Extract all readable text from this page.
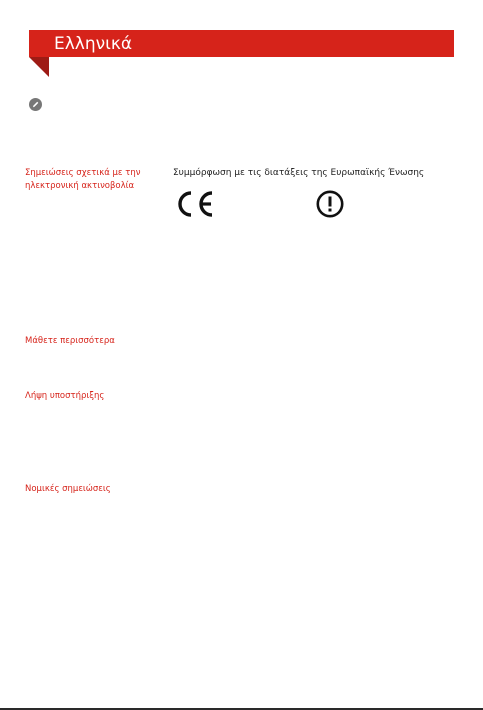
Ελληνικά
Σημειώσεις σχετικά με την ηλεκτρονική ακτινοβολία
Μάθετε περισσότερα
Λήψη υποστήριξης
Νομικές σημειώσεις
Συμμόρφωση με τις διατάξεις της Ευρωπαϊκής Ένωσης
